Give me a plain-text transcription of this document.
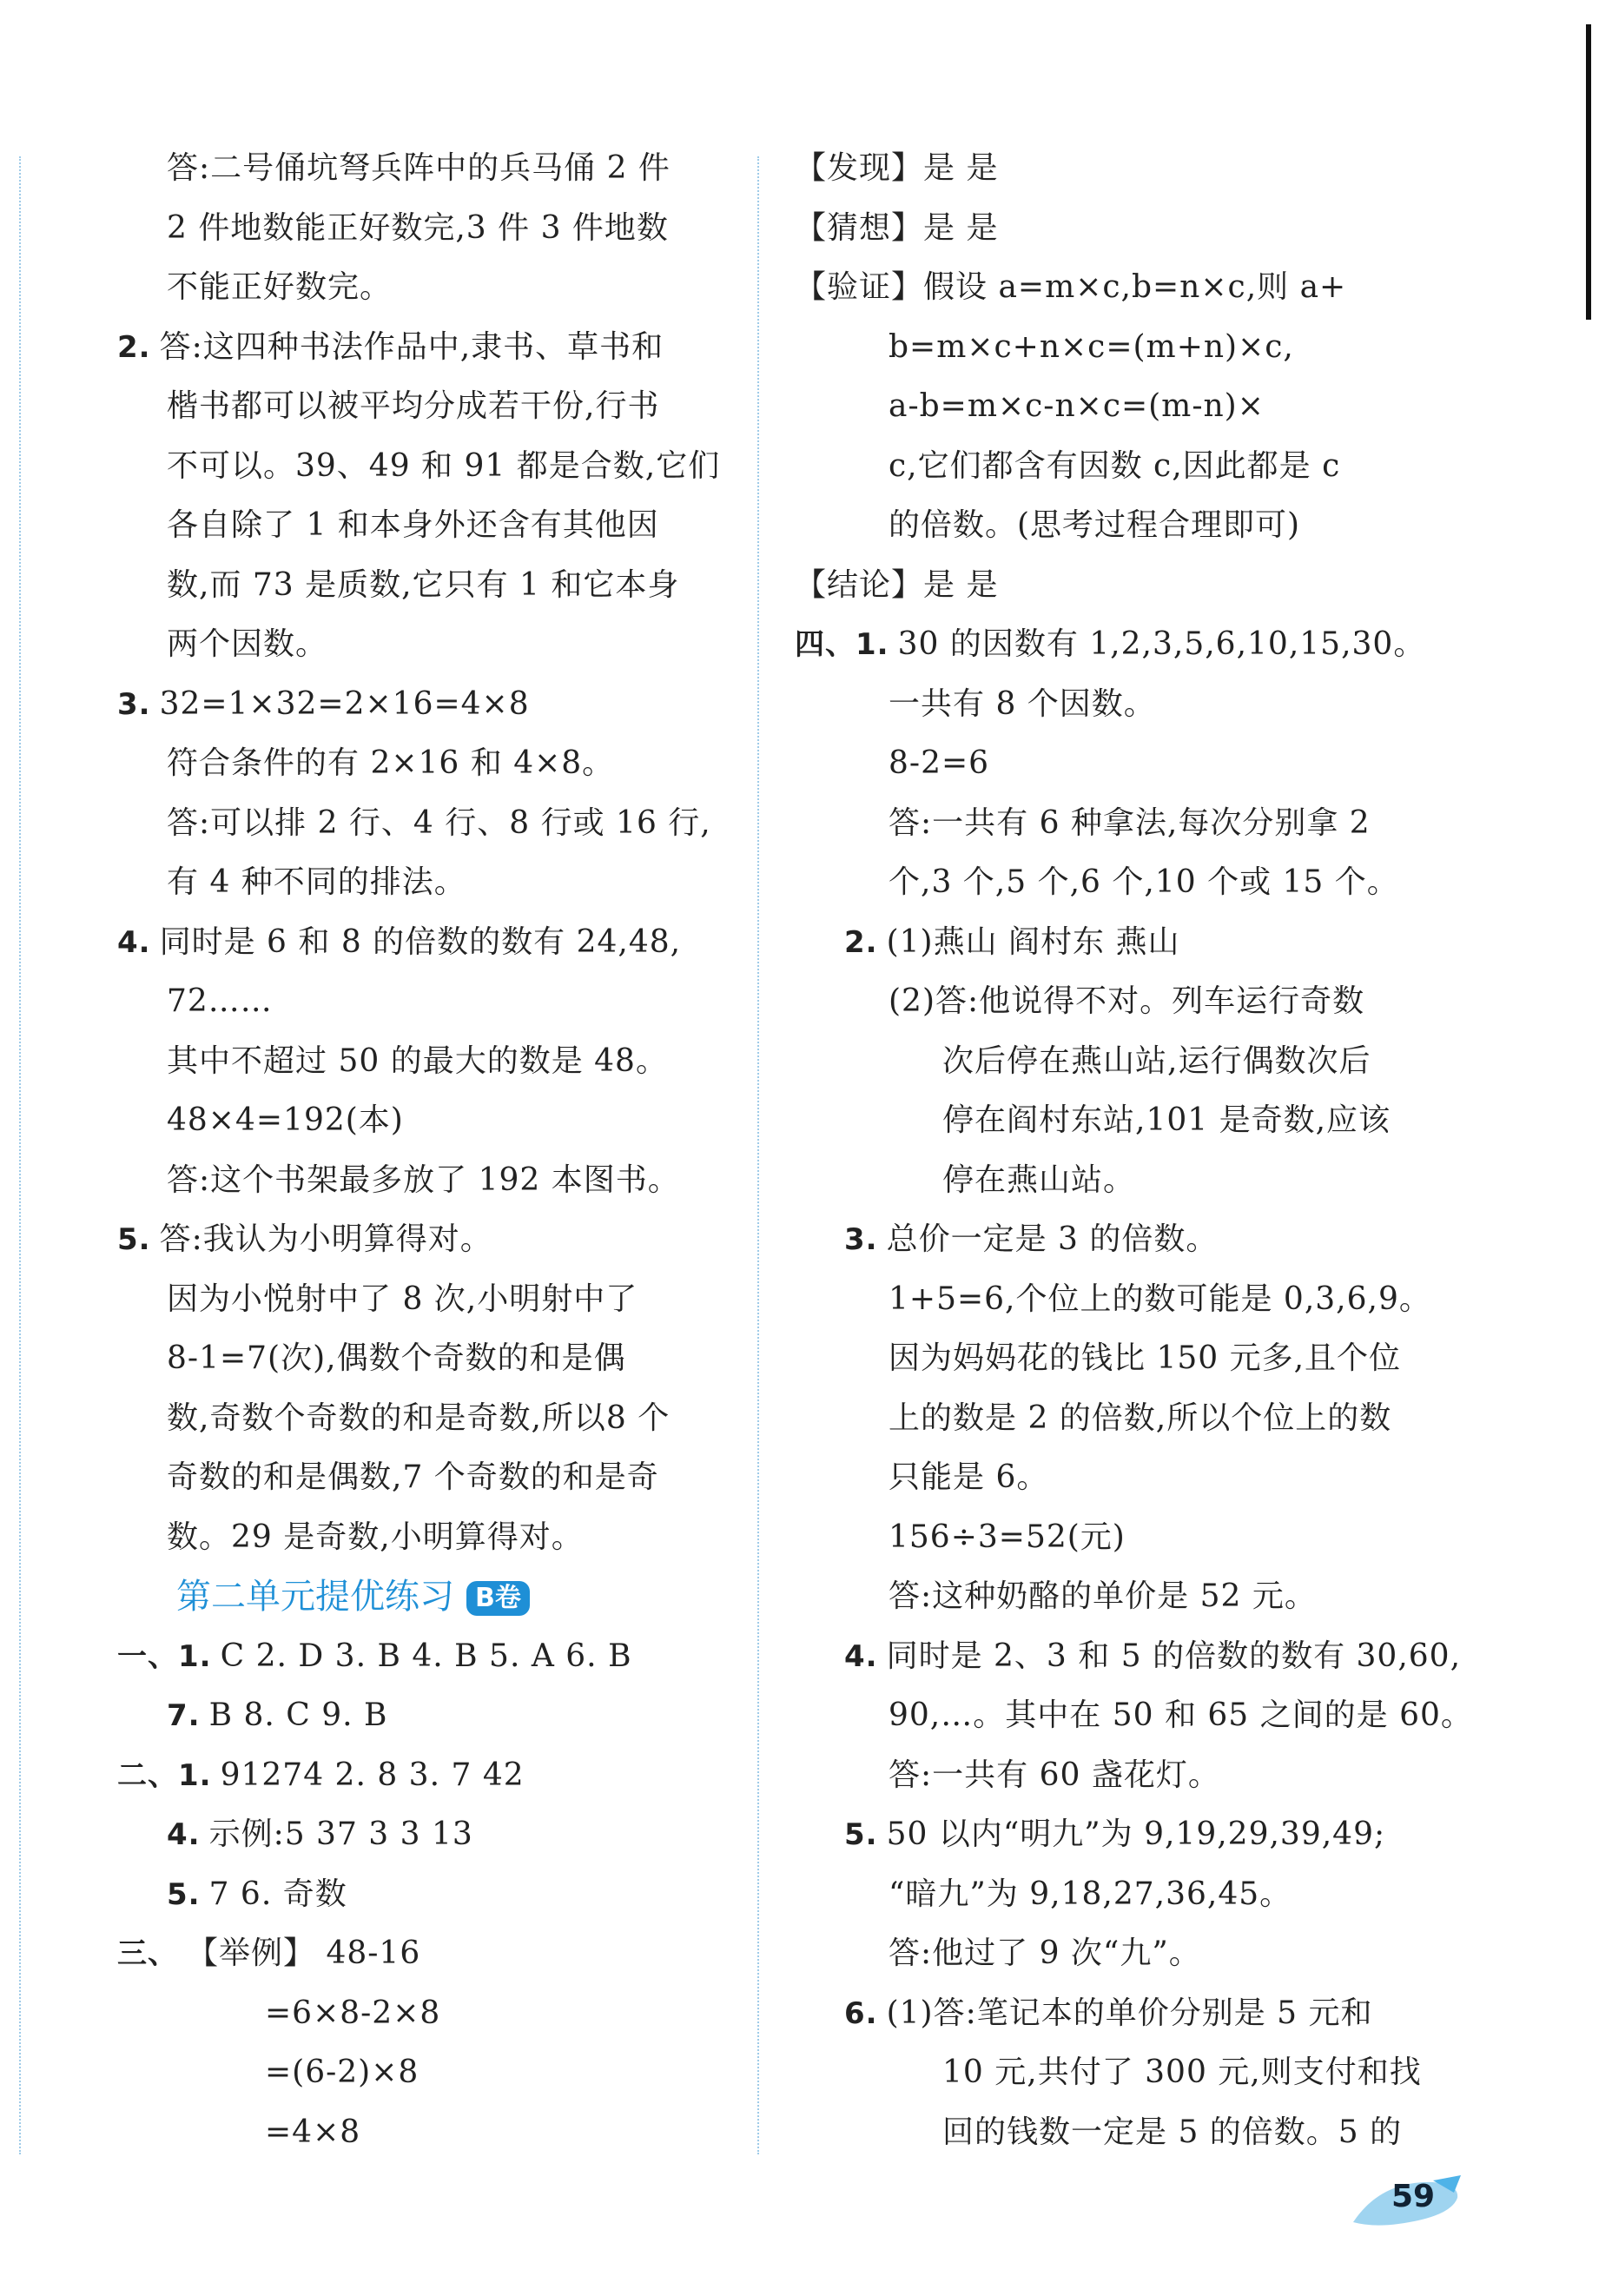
答:二号俑坑弩兵阵中的兵马俑 2 件
2 件地数能正好数完,3 件 3 件地数
不能正好数完。
2. 答:这四种书法作品中,隶书、草书和
楷书都可以被平均分成若干份,行书
不可以。39、49 和 91 都是合数,它们
各自除了 1 和本身外还含有其他因
数,而 73 是质数,它只有 1 和它本身
两个因数。
3. 32=1×32=2×16=4×8
符合条件的有 2×16 和 4×8。
答:可以排 2 行、4 行、8 行或 16 行,
有 4 种不同的排法。
4. 同时是 6 和 8 的倍数的数有 24,48,
72……
其中不超过 50 的最大的数是 48。
48×4=192(本)
答:这个书架最多放了 192 本图书。
5. 答:我认为小明算得对。
因为小悦射中了 8 次,小明射中了
8-1=7(次),偶数个奇数的和是偶
数,奇数个奇数的和是奇数,所以8 个
奇数的和是偶数,7 个奇数的和是奇
数。29 是奇数,小明算得对。
第二单元提优练习 B卷
一、1. C 2. D 3. B 4. B 5. A 6. B
7. B 8. C 9. B
二、1. 91274 2. 8 3. 7 42
4. 示例:5 37 3 3 13
5. 7 6. 奇数
三、 【举例】 48-16
=6×8-2×8
=(6-2)×8
=4×8
【发现】是 是
【猜想】是 是
【验证】假设 a=m×c,b=n×c,则 a+
b=m×c+n×c=(m+n)×c,
a-b=m×c-n×c=(m-n)×
c,它们都含有因数 c,因此都是 c
的倍数。(思考过程合理即可)
【结论】是 是
四、1. 30 的因数有 1,2,3,5,6,10,15,30。
一共有 8 个因数。
8-2=6
答:一共有 6 种拿法,每次分别拿 2
个,3 个,5 个,6 个,10 个或 15 个。
2. (1)燕山 阎村东 燕山
(2)答:他说得不对。列车运行奇数
次后停在燕山站,运行偶数次后
停在阎村东站,101 是奇数,应该
停在燕山站。
3. 总价一定是 3 的倍数。
1+5=6,个位上的数可能是 0,3,6,9。
因为妈妈花的钱比 150 元多,且个位
上的数是 2 的倍数,所以个位上的数
只能是 6。
156÷3=52(元)
答:这种奶酪的单价是 52 元。
4. 同时是 2、3 和 5 的倍数的数有 30,60,
90,…。其中在 50 和 65 之间的是 60。
答:一共有 60 盏花灯。
5. 50 以内“明九”为 9,19,29,39,49;
“暗九”为 9,18,27,36,45。
答:他过了 9 次“九”。
6. (1)答:笔记本的单价分别是 5 元和
10 元,共付了 300 元,则支付和找
回的钱数一定是 5 的倍数。5 的
59
